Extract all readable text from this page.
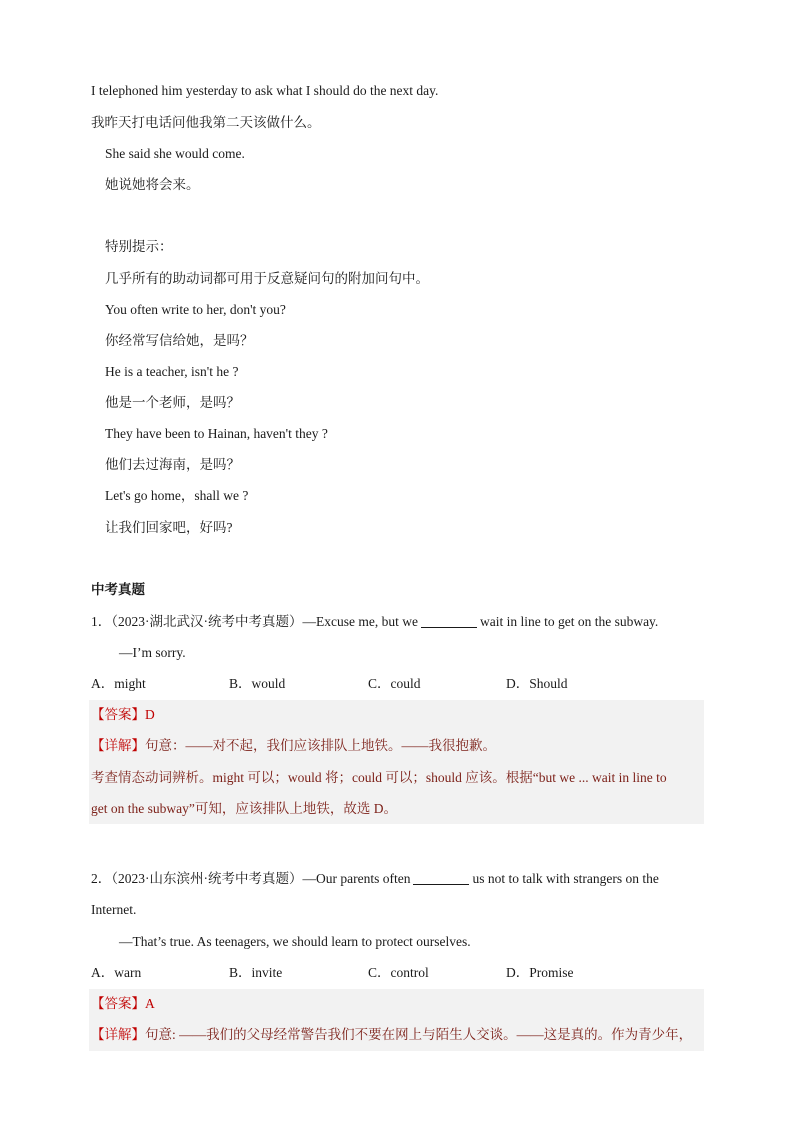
I telephoned him yesterday to ask what I should do the next day.
我昨天打电话问他我第二天该做什么。
She said she would come.
她说她将会来。
特别提示：
几乎所有的助动词都可用于反意疑问句的附加问句中。
You often write to her, don't you?
你经常写信给她，是吗？
He is a teacher, isn't he ?
他是一个老师，是吗？
They have been to Hainan, haven't they ?
他们去过海南，是吗？
Let's go home，shall we ?
让我们回家吧，好吗?
中考真题
1．（2023·湖北武汉·统考中考真题）—Excuse me, but we	wait in line to get on the subway.
—I’m sorry.
A．might	B．would	C．could	D．Should
【答案】D
【详解】句意：——对不起，我们应该排队上地铁。——我很抱歉。
考查情态动词辨析。might 可以；would 将；could 可以；should 应该。根据“but we ... wait in line to
get on the subway”可知，应该排队上地铁，故选 D。
2．（2023·山东滨州·统考中考真题）—Our parents often	us not to talk with strangers on the
Internet.
—That’s true. As teenagers, we should learn to protect ourselves.
A．warn	B．invite	C．control	D．Promise
【答案】A
【详解】句意: ——我们的父母经常警告我们不要在网上与陌生人交谈。——这是真的。作为青少年，
